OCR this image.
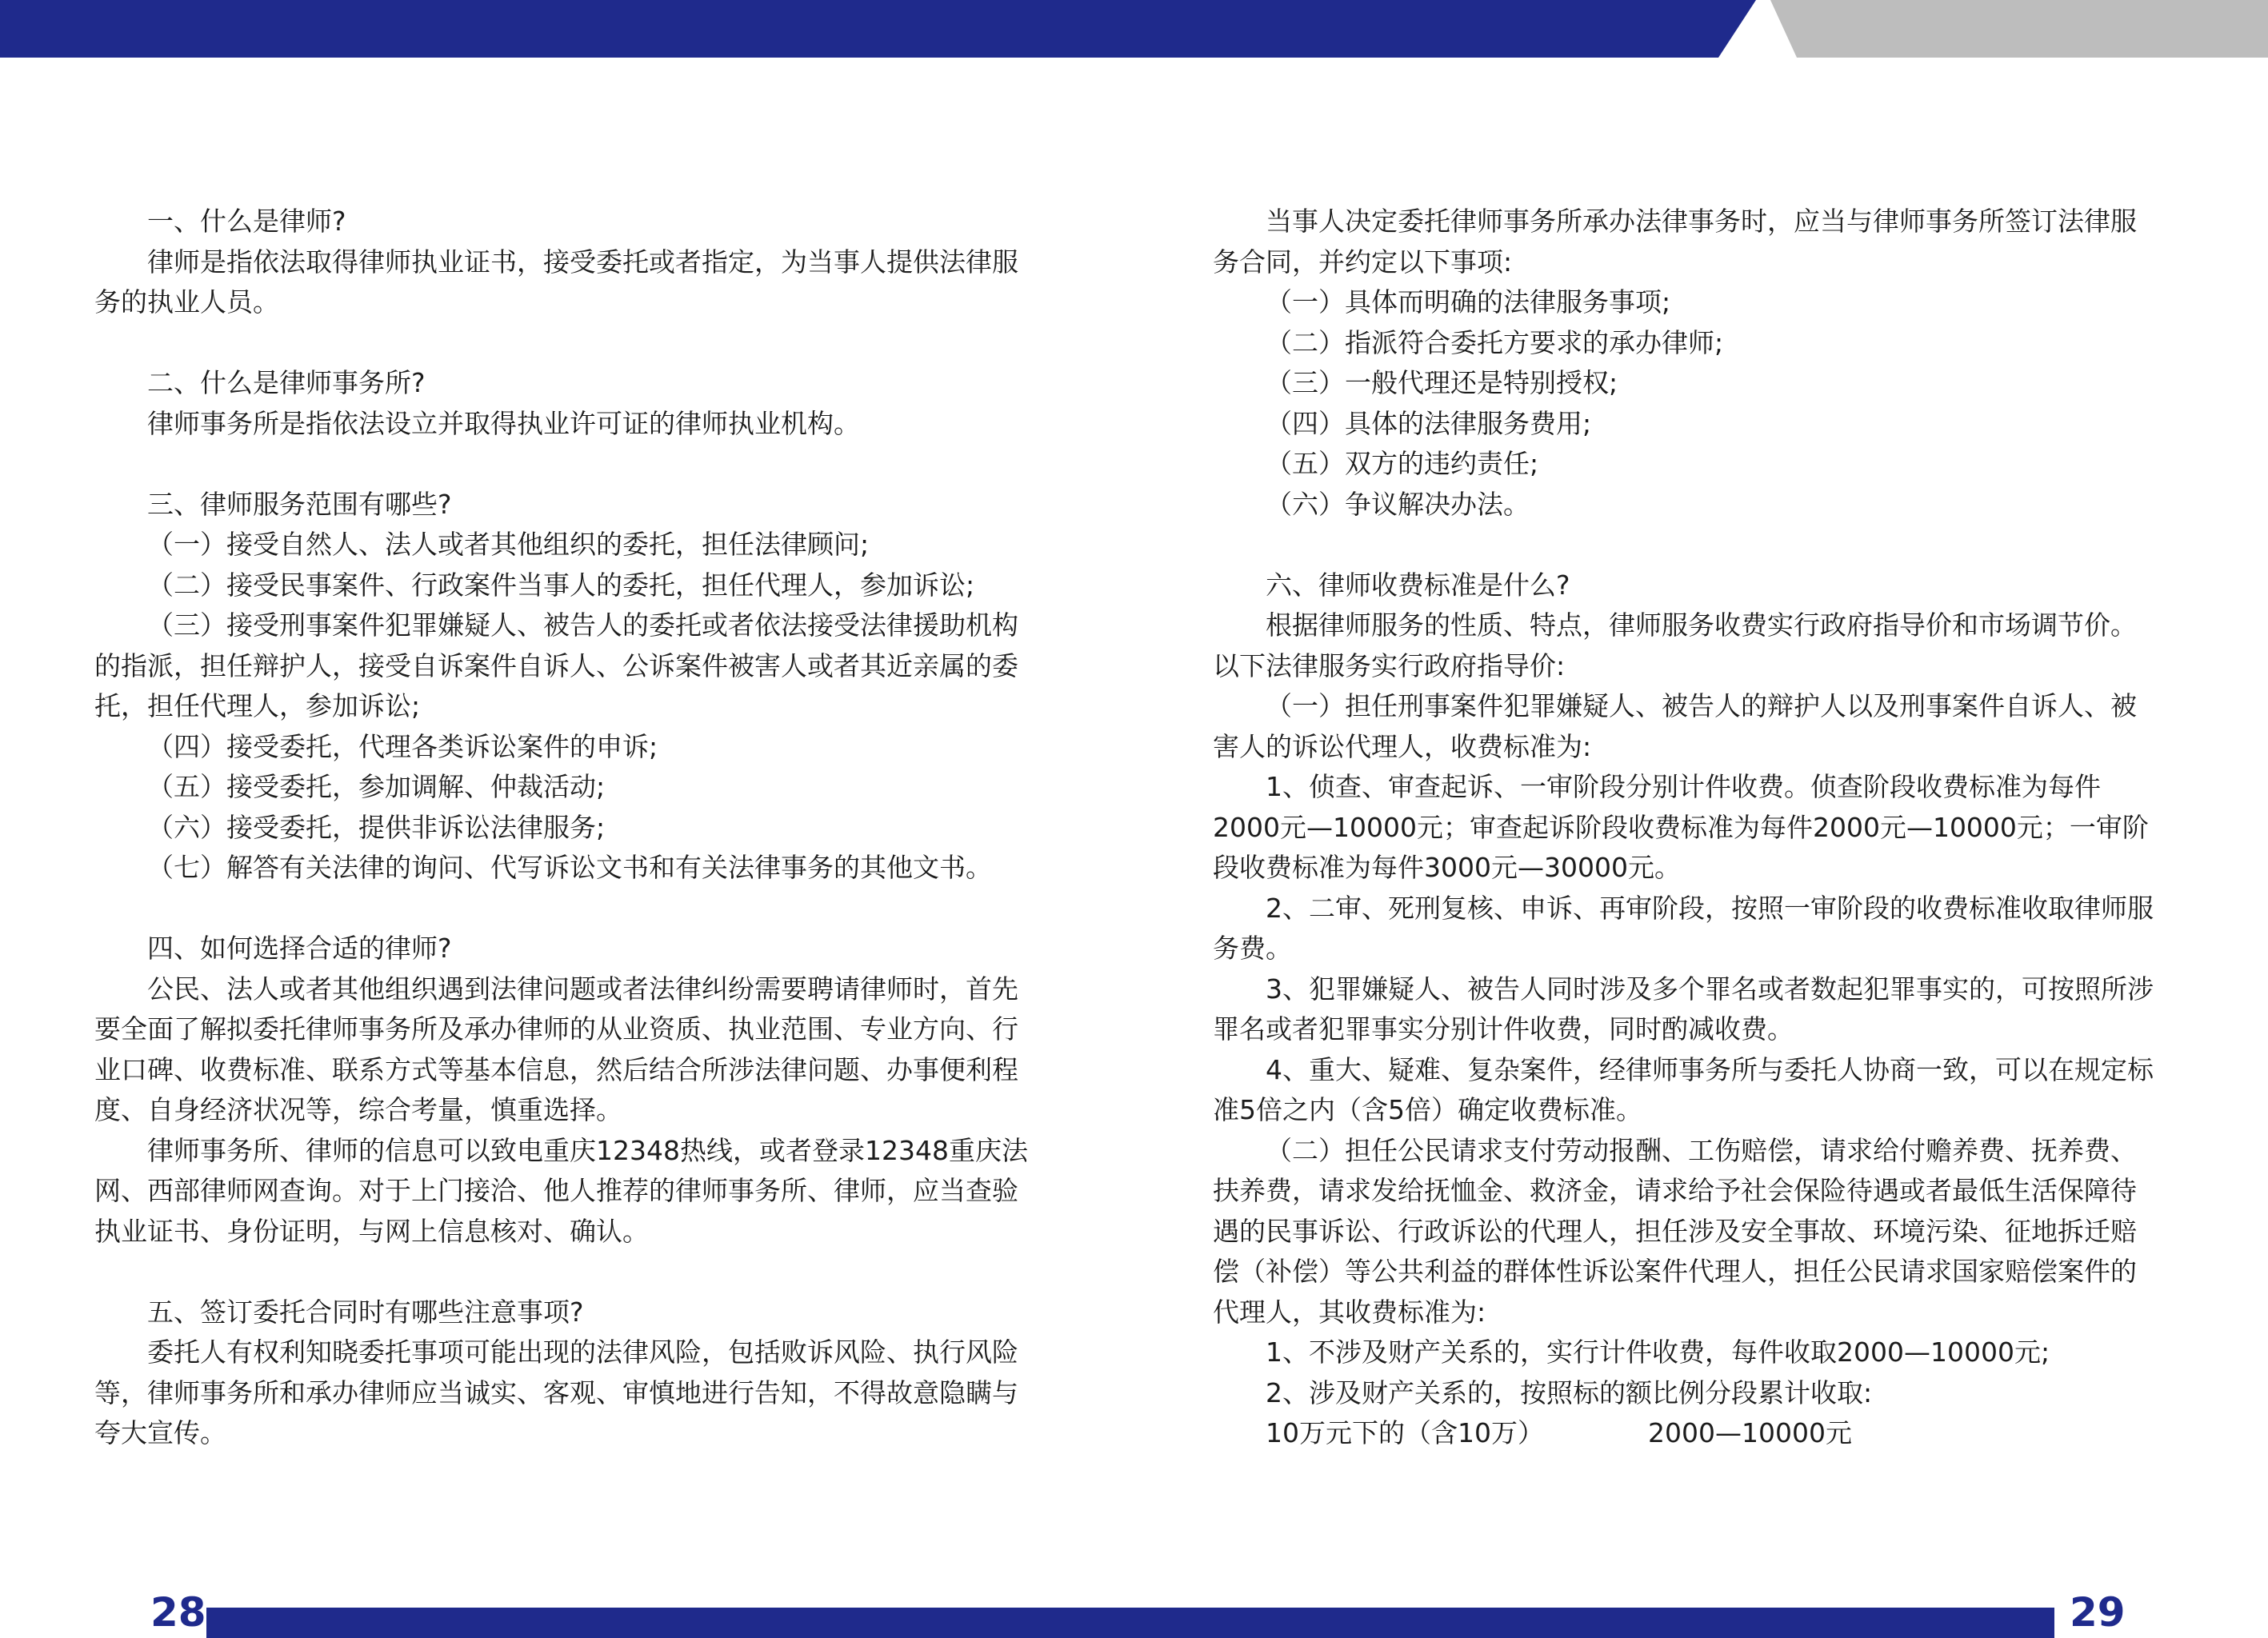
一、什么是律师?
律师是指依法取得律师执业证书，接受委托或者指定，为当事人提供法律服务的执业人员。
二、什么是律师事务所?
律师事务所是指依法设立并取得执业许可证的律师执业机构。
三、律师服务范围有哪些?
（一）接受自然人、法人或者其他组织的委托，担任法律顾问;
（二）接受民事案件、行政案件当事人的委托，担任代理人，参加诉讼;
（三）接受刑事案件犯罪嫌疑人、被告人的委托或者依法接受法律援助机构的指派，担任辩护人，接受自诉案件自诉人、公诉案件被害人或者其近亲属的委托，担任代理人，参加诉讼;
（四）接受委托，代理各类诉讼案件的申诉;
（五）接受委托，参加调解、仲裁活动;
（六）接受委托，提供非诉讼法律服务;
（七）解答有关法律的询问、代写诉讼文书和有关法律事务的其他文书。
四、如何选择合适的律师?
公民、法人或者其他组织遇到法律问题或者法律纠纷需要聘请律师时，首先要全面了解拟委托律师事务所及承办律师的从业资质、执业范围、专业方向、行业口碑、收费标准、联系方式等基本信息，然后结合所涉法律问题、办事便利程度、自身经济状况等，综合考量，慎重选择。
律师事务所、律师的信息可以致电重庆12348热线，或者登录12348重庆法网、西部律师网查询。对于上门接洽、他人推荐的律师事务所、律师，应当查验执业证书、身份证明，与网上信息核对、确认。
五、签订委托合同时有哪些注意事项?
委托人有权利知晓委托事项可能出现的法律风险，包括败诉风险、执行风险等，律师事务所和承办律师应当诚实、客观、审慎地进行告知，不得故意隐瞒与夸大宣传。
当事人决定委托律师事务所承办法律事务时，应当与律师事务所签订法律服务合同，并约定以下事项:
（一）具体而明确的法律服务事项;
（二）指派符合委托方要求的承办律师;
（三）一般代理还是特别授权;
（四）具体的法律服务费用;
（五）双方的违约责任;
（六）争议解决办法。
六、律师收费标准是什么?
根据律师服务的性质、特点，律师服务收费实行政府指导价和市场调节价。以下法律服务实行政府指导价:
（一）担任刑事案件犯罪嫌疑人、被告人的辩护人以及刑事案件自诉人、被害人的诉讼代理人，收费标准为:
1、侦查、审查起诉、一审阶段分别计件收费。侦查阶段收费标准为每件2000元—10000元；审查起诉阶段收费标准为每件2000元—10000元；一审阶段收费标准为每件3000元—30000元。
2、二审、死刑复核、申诉、再审阶段，按照一审阶段的收费标准收取律师服务费。
3、犯罪嫌疑人、被告人同时涉及多个罪名或者数起犯罪事实的，可按照所涉罪名或者犯罪事实分别计件收费，同时酌减收费。
4、重大、疑难、复杂案件，经律师事务所与委托人协商一致，可以在规定标准5倍之内（含5倍）确定收费标准。
（二）担任公民请求支付劳动报酬、工伤赔偿，请求给付赡养费、抚养费、扶养费，请求发给抚恤金、救济金，请求给予社会保险待遇或者最低生活保障待遇的民事诉讼、行政诉讼的代理人，担任涉及安全事故、环境污染、征地拆迁赔偿（补偿）等公共利益的群体性诉讼案件代理人，担任公民请求国家赔偿案件的代理人，其收费标准为:
1、不涉及财产关系的，实行计件收费，每件收取2000—10000元;
2、涉及财产关系的，按照标的额比例分段累计收取:
10万元下的（含10万）	2000—10000元
28	29
